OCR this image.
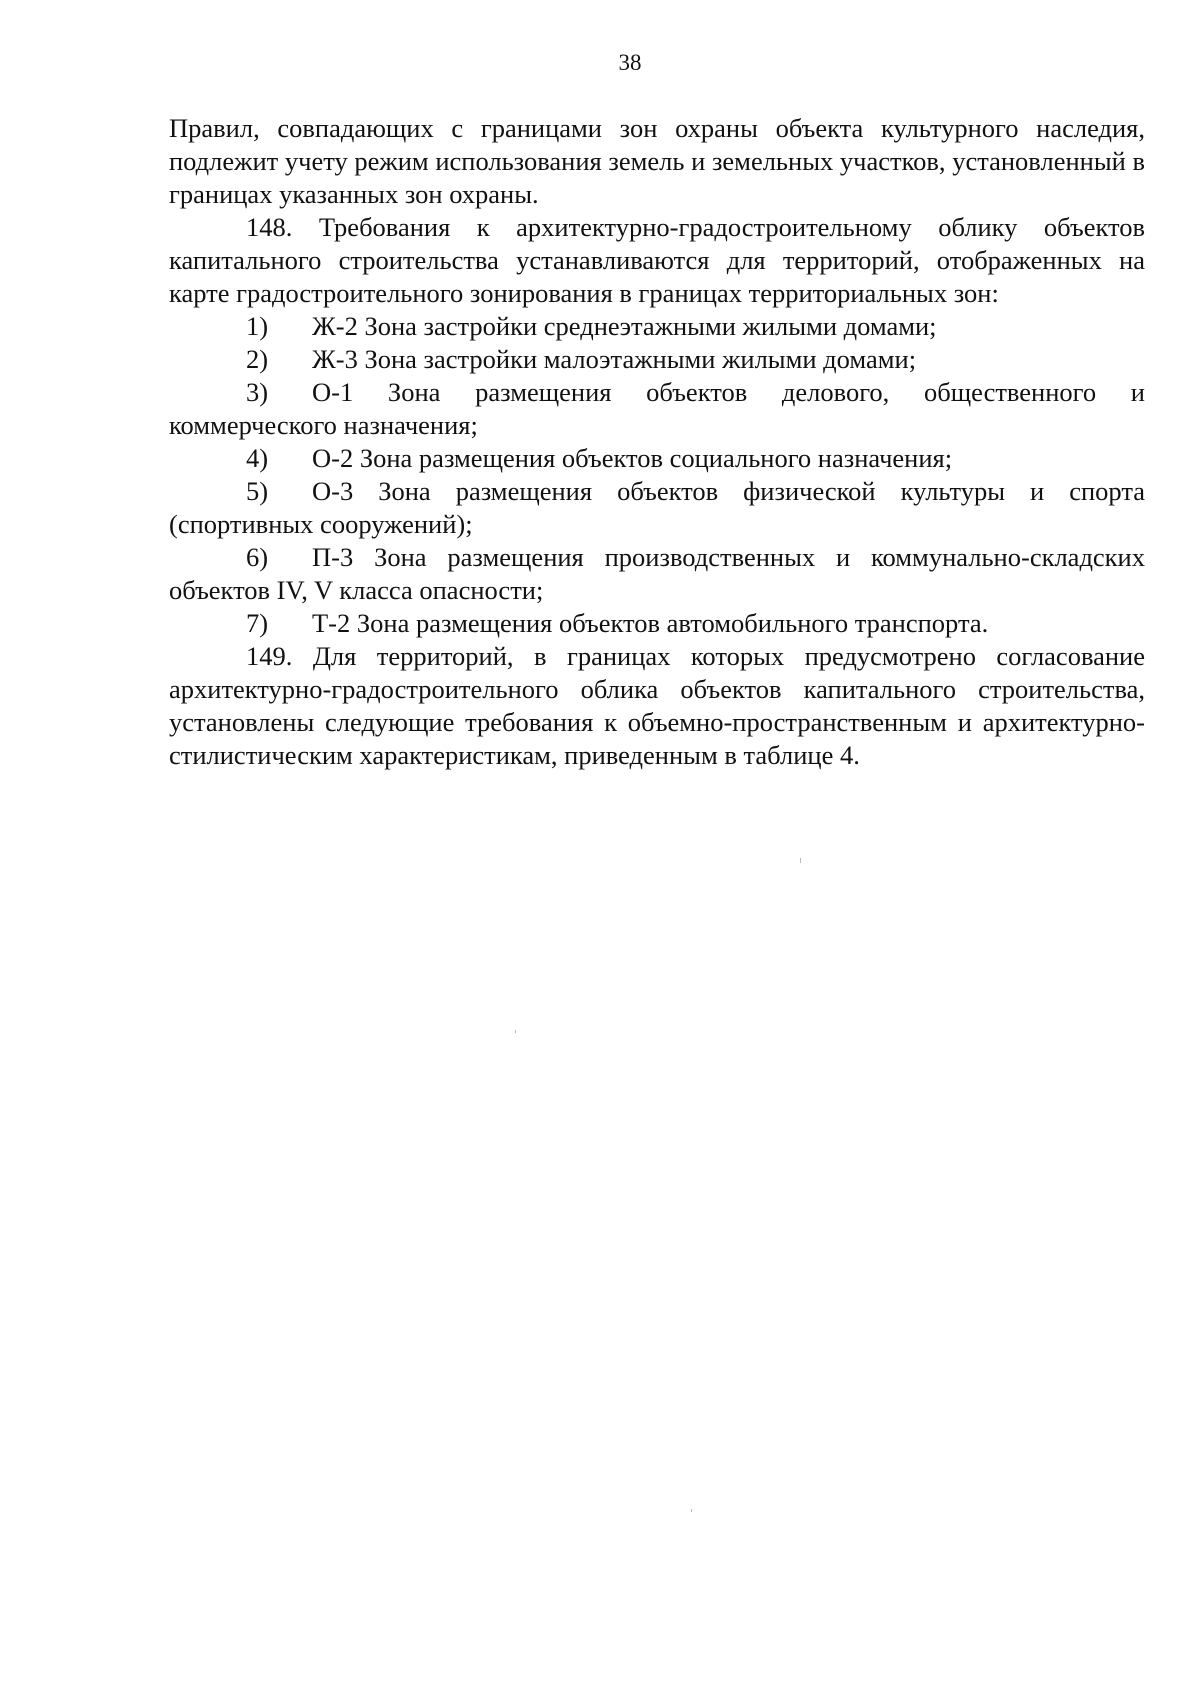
38

Правил, совпадающих с границами зон охраны объекта культурного наследия, подлежит учету режим использования земель и земельных участков, установленный в границах указанных зон охраны.

148. Требования к архитектурно-градостроительному облику объектов капитального строительства устанавливаются для территорий, отображенных на карте градостроительного зонирования в границах территориальных зон:

1) Ж-2 Зона застройки среднеэтажными жилыми домами;

2) Ж-3 Зона застройки малоэтажными жилыми домами;

3) О-1 Зона размещения объектов делового, общественного и коммерческого назначения;

4) О-2 Зона размещения объектов социального назначения;

5) О-3 Зона размещения объектов физической культуры и спорта (спортивных сооружений);

6) П-3 Зона размещения производственных и коммунально-складских объектов IV, V класса опасности;

7) Т-2 Зона размещения объектов автомобильного транспорта.

149. Для территорий, в границах которых предусмотрено согласование архитектурно-градостроительного облика объектов капитального строительства, установлены следующие требования к объемно-пространственным и архитектурно-стилистическим характеристикам, приведенным в таблице 4.
